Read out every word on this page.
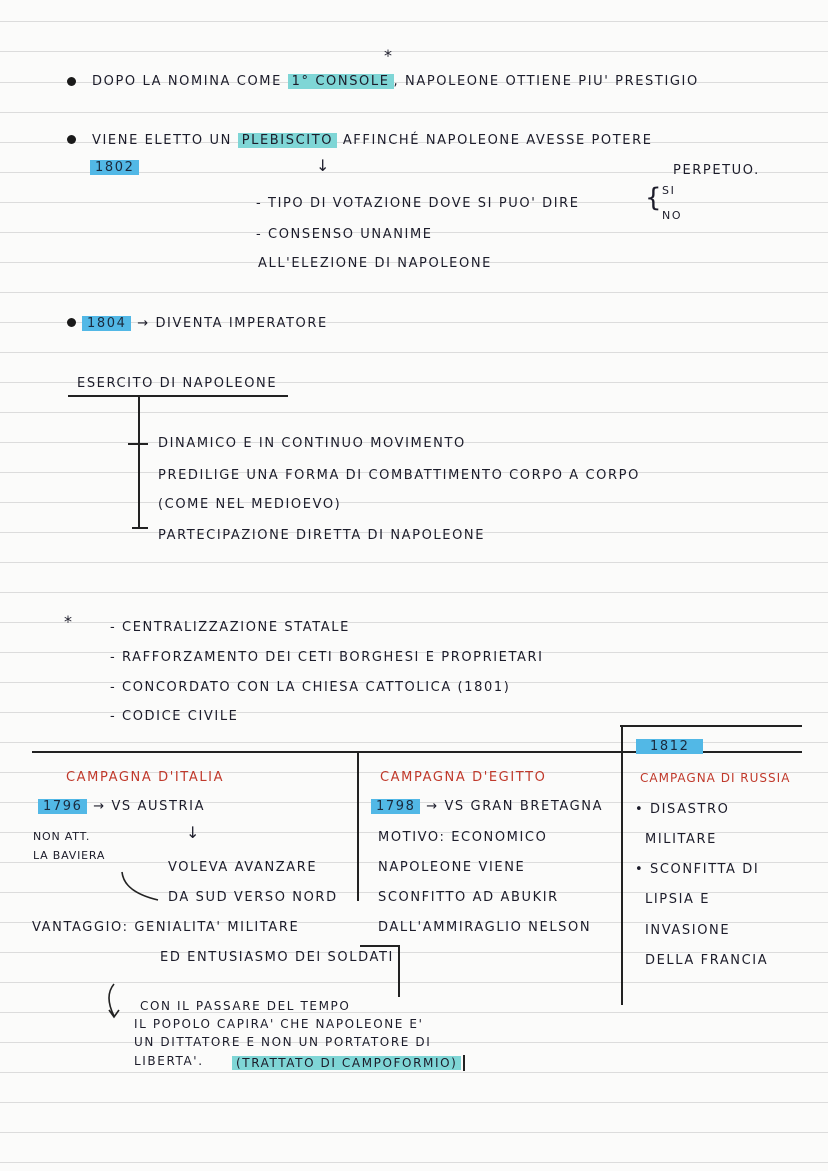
*
DOPO LA NOMINA COME 1° CONSOLE , NAPOLEONE OTTIENE PIU' PRESTIGIO
VIENE ELETTO UN PLEBISCITO AFFINCHÉ NAPOLEONE AVESSE POTERE
1802	PERPETUO.
↓
- TIPO DI VOTAZIONE DOVE SI PUO' DIRE	{ SI
NO
- CONSENSO UNANIME
ALL'ELEZIONE DI NAPOLEONE
1804 → DIVENTA IMPERATORE
ESERCITO DI NAPOLEONE
DINAMICO E IN CONTINUO MOVIMENTO
PREDILIGE UNA FORMA DI COMBATTIMENTO CORPO A CORPO
(COME NEL MEDIOEVO)
PARTECIPAZIONE DIRETTA DI NAPOLEONE
*	- CENTRALIZZAZIONE STATALE
- RAFFORZAMENTO DEI CETI BORGHESI E PROPRIETARI
- CONCORDATO CON LA CHIESA CATTOLICA (1801)
- CODICE CIVILE
CAMPAGNA D'ITALIA
1796 → VS AUSTRIA
NON ATT.
LA BAVIERA
↓
VOLEVA AVANZARE
DA SUD VERSO NORD
VANTAGGIO: GENIALITA' MILITARE
ED ENTUSIASMO DEI SOLDATI
CON IL PASSARE DEL TEMPO
IL POPOLO CAPIRA' CHE NAPOLEONE E'
UN DITTATORE E NON UN PORTATORE DI
LIBERTA'.	(TRATTATO DI CAMPOFORMIO)
CAMPAGNA D'EGITTO
1798 → VS GRAN BRETAGNA
MOTIVO: ECONOMICO
NAPOLEONE VIENE
SCONFITTO AD ABUKIR
DALL'AMMIRAGLIO NELSON
1812
CAMPAGNA DI RUSSIA
• DISASTRO
MILITARE
• SCONFITTA DI
LIPSIA E
INVASIONE
DELLA FRANCIA
